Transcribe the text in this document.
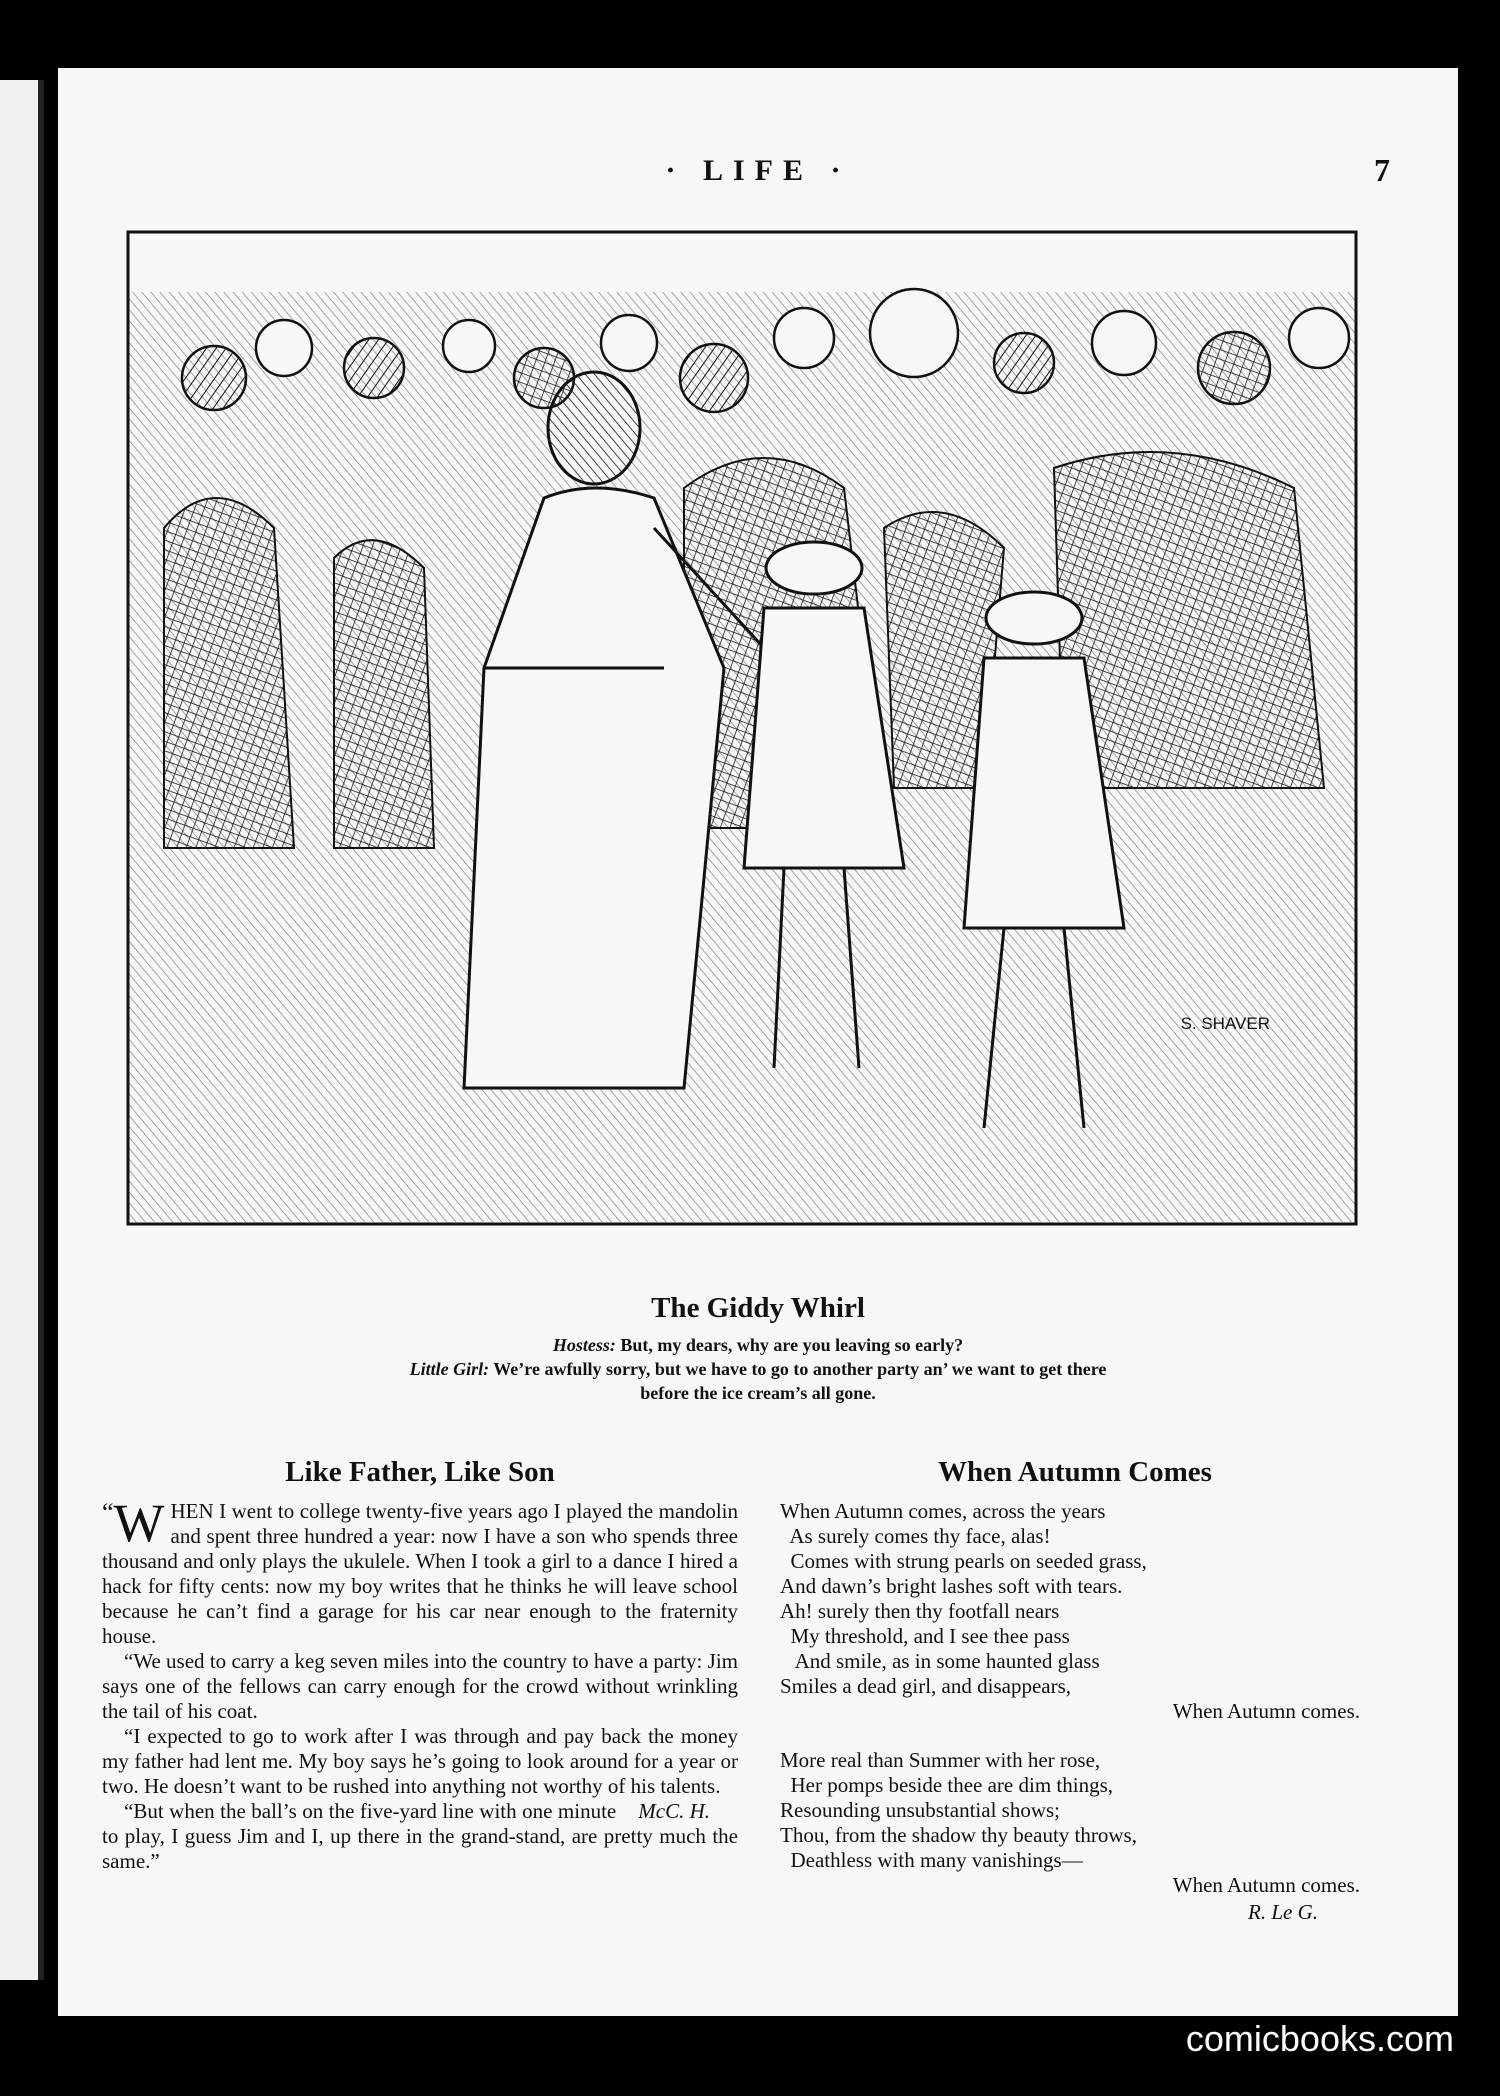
· LIFE ·	7
S. SHAVER
The Giddy Whirl
Hostess: But, my dears, why are you leaving so early?
Little Girl: We’re awfully sorry, but we have to go to another party an’ we want to get there
before the ice cream’s all gone.
Like Father, Like Son

“ W HEN I went to college twenty-five years ago I played the mandolin and spent three hundred a year: now I have a son who spends three thousand and only plays the ukulele. When I took a girl to a dance I hired a hack for fifty cents: now my boy writes that he thinks he will leave school because he can’t find a garage for his car near enough to the fraternity house.

“We used to carry a keg seven miles into the country to have a party: Jim says one of the fellows can carry enough for the crowd without wrinkling the tail of his coat.

“I expected to go to work after I was through and pay back the money my father had lent me. My boy says he’s going to look around for a year or two. He doesn’t want to be rushed into anything not worthy of his talents.

McC. H.
“But when the ball’s on the five-yard line with one minute to play, I guess Jim and I, up there in the grand-stand, are pretty much the same.”

When Autumn Comes

When Autumn comes, across the years

As surely comes thy face, alas!

Comes with strung pearls on seeded grass,

And dawn’s bright lashes soft with tears.

Ah! surely then thy footfall nears

My threshold, and I see thee pass

And smile, as in some haunted glass

Smiles a dead girl, and disappears,

When Autumn comes.

More real than Summer with her rose,

Her pomps beside thee are dim things,

Resounding unsubstantial shows;

Thou, from the shadow thy beauty throws,

Deathless with many vanishings—

When Autumn comes.

R. Le G.
comicbooks.com
